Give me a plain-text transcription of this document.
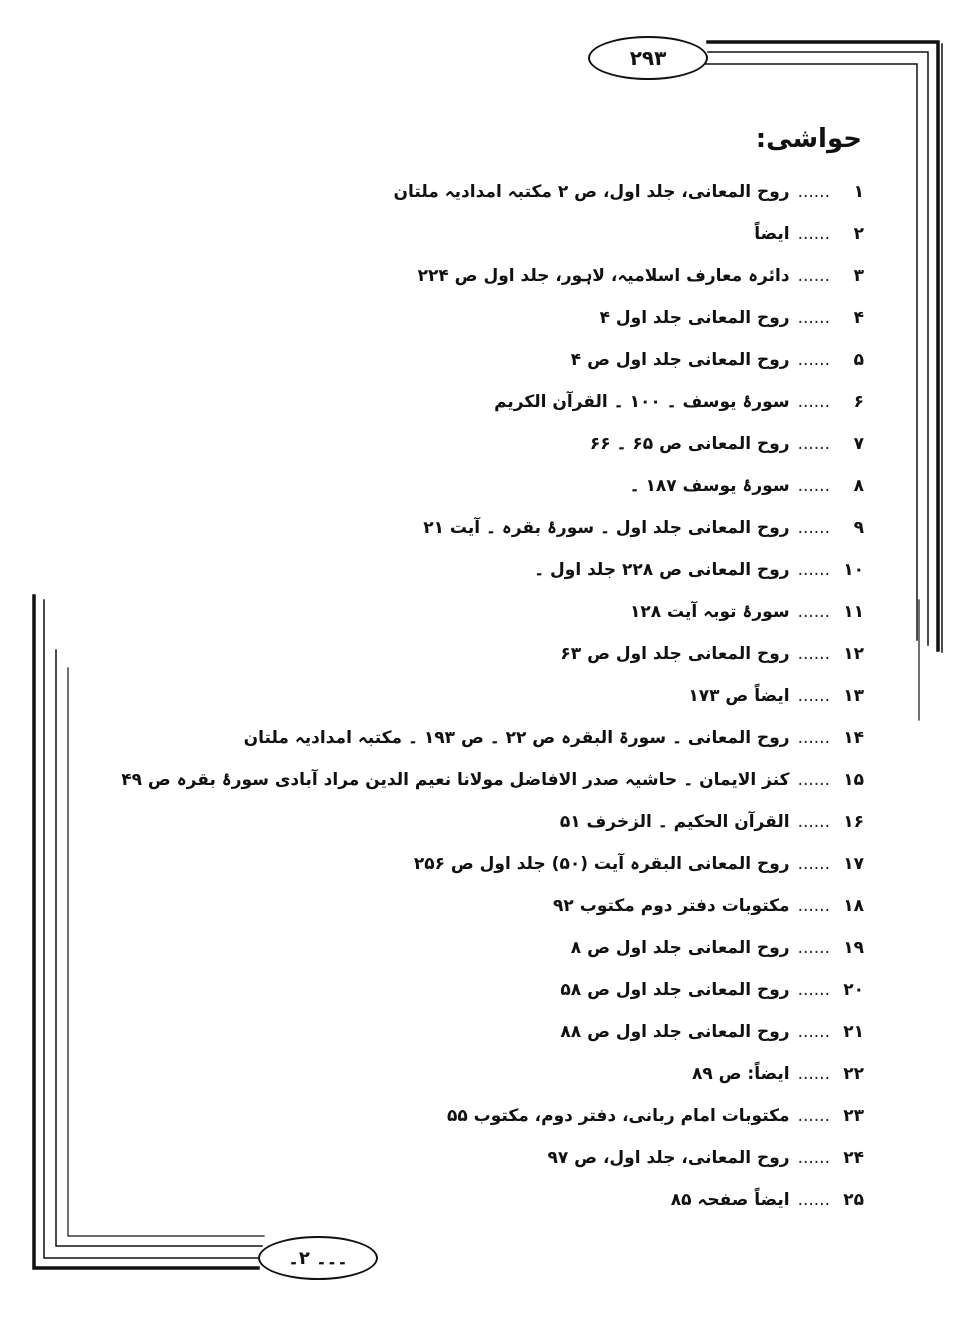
۲۹۳
۔۔۔ ۲۔
حواشی:
۱......روح المعانی، جلد اول، ص ۲ مکتبہ امدادیہ ملتان
۲......ایضاً
۳......دائرہ معارف اسلامیہ، لاہور، جلد اول ص ۲۲۴
۴......روح المعانی جلد اول ۴
۵......روح المعانی جلد اول ص ۴
۶......سورۂ یوسف ۔ ۱۰۰ ۔ القرآن الکریم
۷......روح المعانی ص ۶۵ ۔ ۶۶
۸......سورۂ یوسف ۱۸۷ ۔
۹......روح المعانی جلد اول ۔ سورۂ بقرہ ۔ آیت ۲۱
۱۰......روح المعانی ص ۲۲۸ جلد اول ۔
۱۱......سورۂ توبہ آیت ۱۲۸
۱۲......روح المعانی جلد اول ص ۶۳
۱۳......ایضاً ص ۱۷۳
۱۴......روح المعانی ۔ سورۃ البقرہ ص ۲۲ ۔ ص ۱۹۳ ۔ مکتبہ امدادیہ ملتان
۱۵......کنز الایمان ۔ حاشیہ صدر الافاضل مولانا نعیم الدین مراد آبادی سورۂ بقرہ ص ۴۹
۱۶......القرآن الحکیم ۔ الزخرف ۵۱
۱۷......روح المعانی البقرہ آیت (۵۰) جلد اول ص ۲۵۶
۱۸......مکتوبات دفتر دوم مکتوب ۹۲
۱۹......روح المعانی جلد اول ص ۸
۲۰......روح المعانی جلد اول ص ۵۸
۲۱......روح المعانی جلد اول ص ۸۸
۲۲......ایضاً: ص ۸۹
۲۳......مکتوبات امام ربانی، دفتر دوم، مکتوب ۵۵
۲۴......روح المعانی، جلد اول، ص ۹۷
۲۵......ایضاً صفحہ ۸۵
